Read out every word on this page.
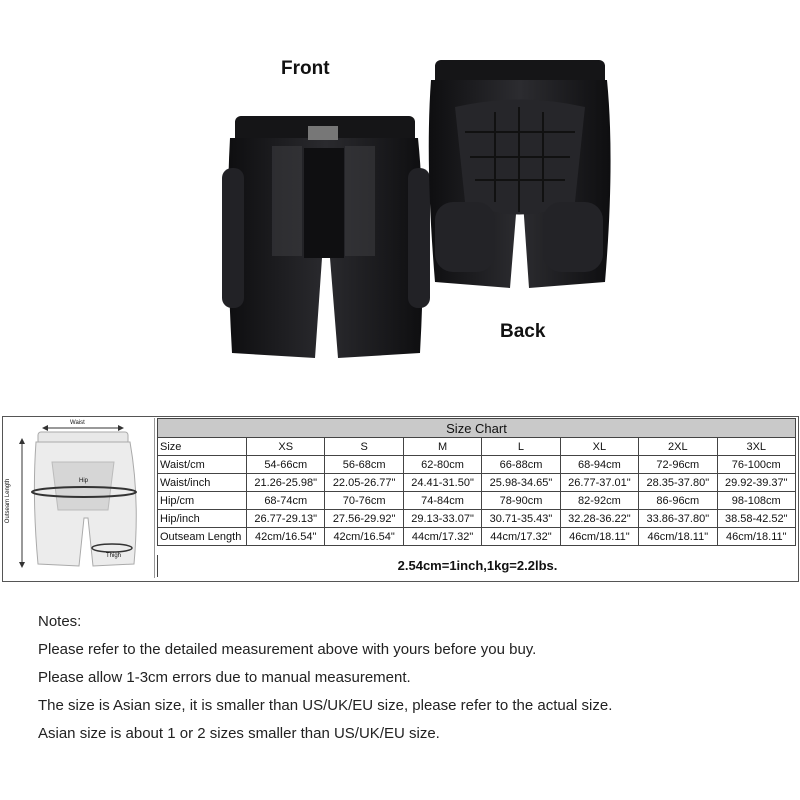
Front
Back
Waist
Hip
Thigh
Outseam Length
Size Chart							
Size	XS	S	M	L	XL	2XL	3XL
Waist/cm	54-66cm	56-68cm	62-80cm	66-88cm	68-94cm	72-96cm	76-100cm
Waist/inch	21.26-25.98"	22.05-26.77"	24.41-31.50"	25.98-34.65"	26.77-37.01"	28.35-37.80"	29.92-39.37"
Hip/cm	68-74cm	70-76cm	74-84cm	78-90cm	82-92cm	86-96cm	98-108cm
Hip/inch	26.77-29.13"	27.56-29.92"	29.13-33.07"	30.71-35.43"	32.28-36.22"	33.86-37.80"	38.58-42.52"
Outseam Length	42cm/16.54"	42cm/16.54"	44cm/17.32"	44cm/17.32"	46cm/18.11"	46cm/18.11"	46cm/18.11"
2.54cm=1inch,1kg=2.2lbs.
Notes:
Please refer to the detailed measurement above with yours before you buy.
Please allow 1-3cm errors due to manual measurement.
The size is Asian size, it is smaller than US/UK/EU size, please refer to the actual size.
Asian size is about 1 or 2 sizes smaller than US/UK/EU size.
